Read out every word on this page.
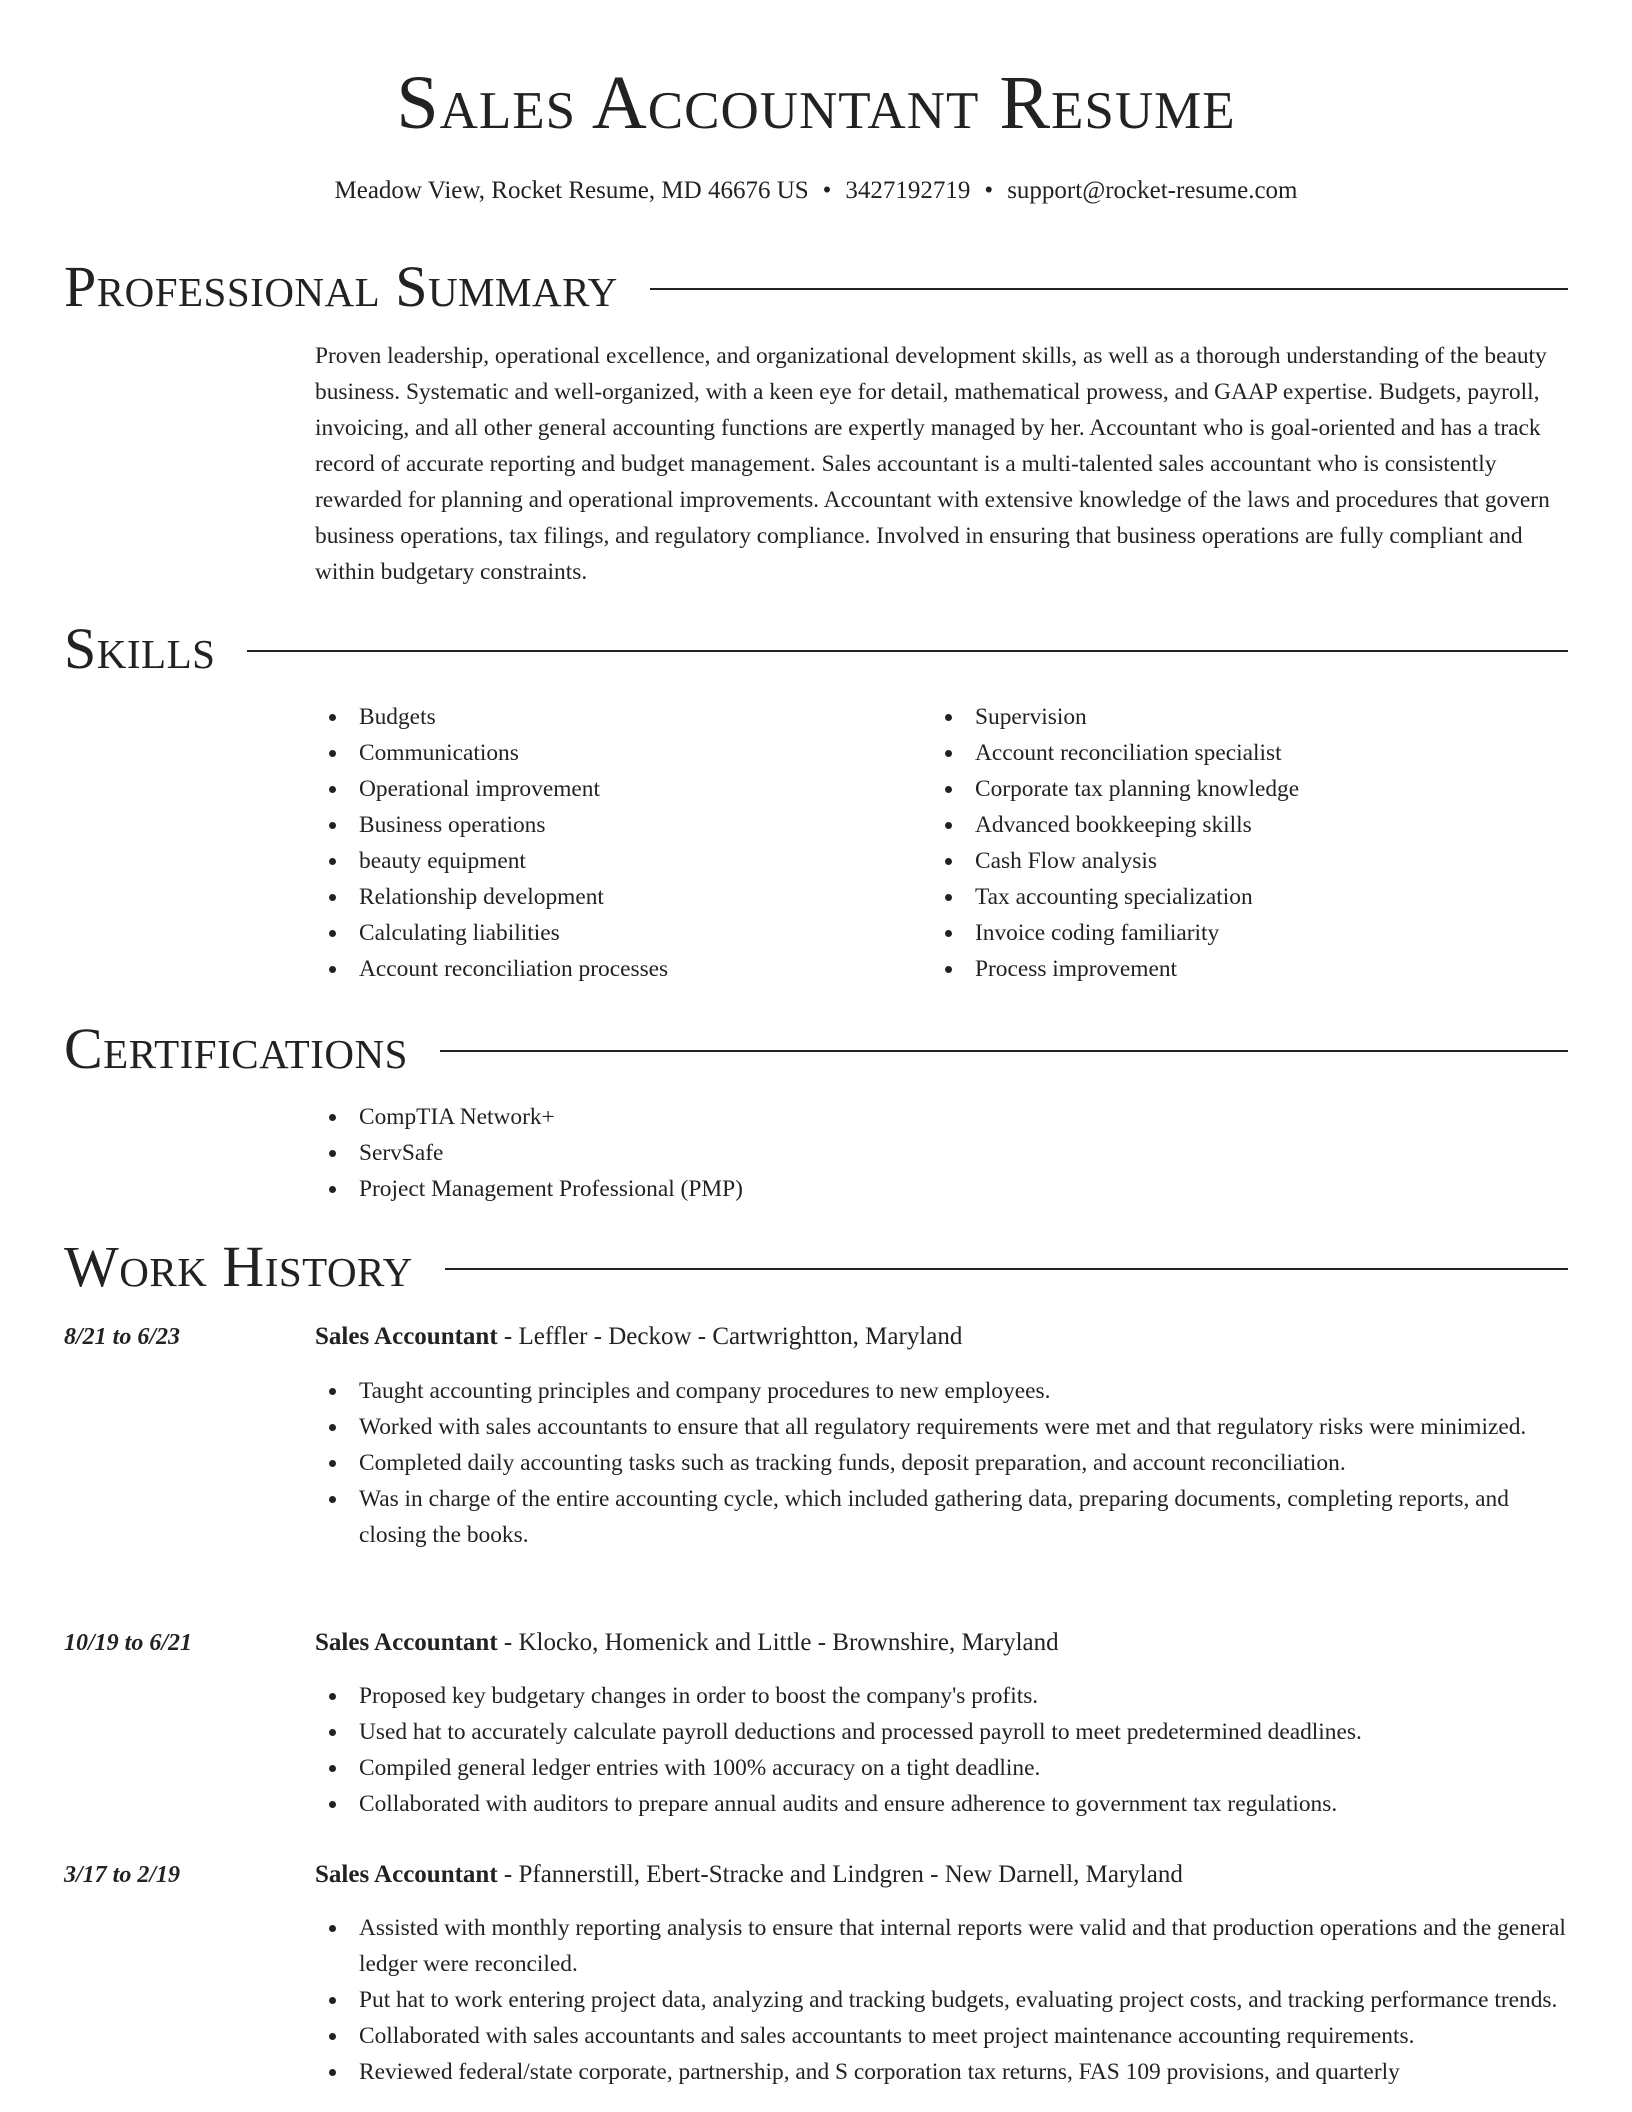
Sales Accountant Resume
Meadow View, Rocket Resume, MD 46676 US • 3427192719 • support@rocket-resume.com
Professional Summary
Proven leadership, operational excellence, and organizational development skills, as well as a thorough understanding of the beauty business. Systematic and well-organized, with a keen eye for detail, mathematical prowess, and GAAP expertise. Budgets, payroll, invoicing, and all other general accounting functions are expertly managed by her. Accountant who is goal-oriented and has a track record of accurate reporting and budget management. Sales accountant is a multi-talented sales accountant who is consistently rewarded for planning and operational improvements. Accountant with extensive knowledge of the laws and procedures that govern business operations, tax filings, and regulatory compliance. Involved in ensuring that business operations are fully compliant and within budgetary constraints.
Skills
Budgets
Communications
Operational improvement
Business operations
beauty equipment
Relationship development
Calculating liabilities
Account reconciliation processes
Supervision
Account reconciliation specialist
Corporate tax planning knowledge
Advanced bookkeeping skills
Cash Flow analysis
Tax accounting specialization
Invoice coding familiarity
Process improvement
Certifications
CompTIA Network+
ServSafe
Project Management Professional (PMP)
Work History
8/21 to 6/23	Sales Accountant - Leffler - Deckow - Cartwrightton, Maryland
Taught accounting principles and company procedures to new employees.
Worked with sales accountants to ensure that all regulatory requirements were met and that regulatory risks were minimized.
Completed daily accounting tasks such as tracking funds, deposit preparation, and account reconciliation.
Was in charge of the entire accounting cycle, which included gathering data, preparing documents, completing reports, and closing the books.
10/19 to 6/21	Sales Accountant - Klocko, Homenick and Little - Brownshire, Maryland
Proposed key budgetary changes in order to boost the company's profits.
Used hat to accurately calculate payroll deductions and processed payroll to meet predetermined deadlines.
Compiled general ledger entries with 100% accuracy on a tight deadline.
Collaborated with auditors to prepare annual audits and ensure adherence to government tax regulations.
3/17 to 2/19	Sales Accountant - Pfannerstill, Ebert-Stracke and Lindgren - New Darnell, Maryland
Assisted with monthly reporting analysis to ensure that internal reports were valid and that production operations and the general ledger were reconciled.
Put hat to work entering project data, analyzing and tracking budgets, evaluating project costs, and tracking performance trends.
Collaborated with sales accountants and sales accountants to meet project maintenance accounting requirements.
Reviewed federal/state corporate, partnership, and S corporation tax returns, FAS 109 provisions, and quarterly
